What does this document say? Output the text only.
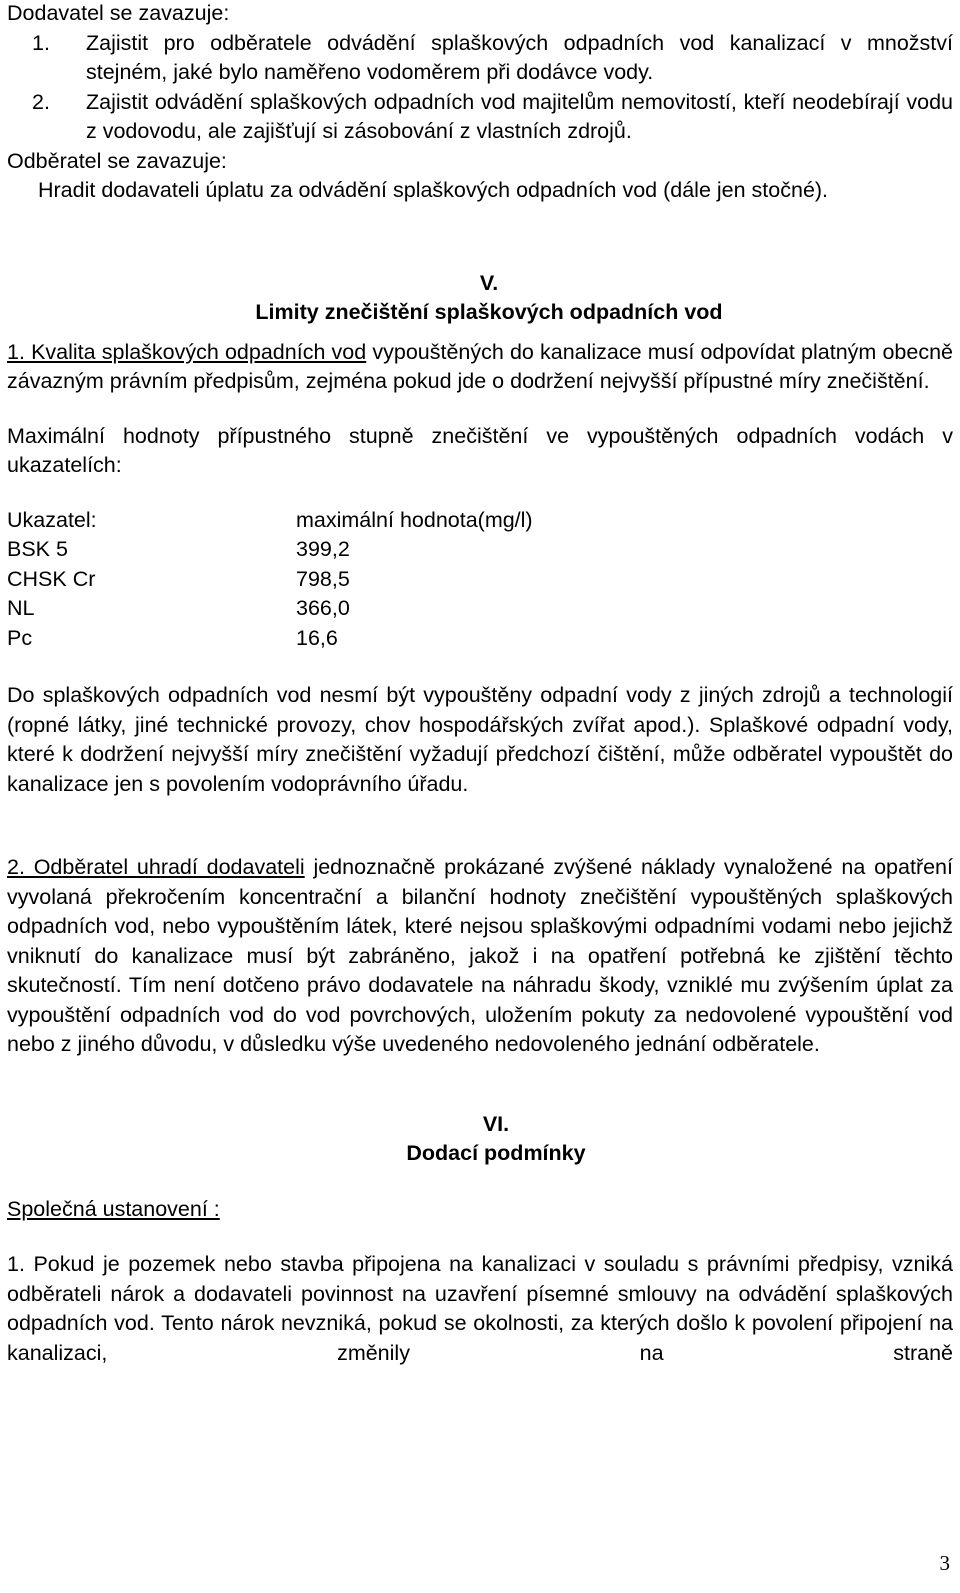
Dodavatel se zavazuje:

1.	Zajistit pro odběratele odvádění splaškových odpadních vod kanalizací v množství stejném, jaké bylo naměřeno vodoměrem při dodávce vody.
2.	Zajistit odvádění splaškových odpadních vod majitelům nemovitostí, kteří neodebírají vodu z vodovodu, ale zajišťují si zásobování z vlastních zdrojů.

Odběratel se zavazuje:

Hradit dodavateli úplatu za odvádění splaškových odpadních vod (dále jen stočné).

V.

Limity znečištění splaškových odpadních vod

1. Kvalita splaškových odpadních vod vypouštěných do kanalizace musí odpovídat platným obecně závazným právním předpisům, zejména pokud jde o dodržení nejvyšší přípustné míry znečištění.

Maximální hodnoty přípustného stupně znečištění ve vypouštěných odpadních vodách v ukazatelích:

Ukazatel:	maximální hodnota(mg/l)
BSK 5	399,2
CHSK Cr	798,5
NL	366,0
Pc	16,6

Do splaškových odpadních vod nesmí být vypouštěny odpadní vody z jiných zdrojů a technologií (ropné látky, jiné technické provozy, chov hospodářských zvířat apod.). Splaškové odpadní vody, které k dodržení nejvyšší míry znečištění vyžadují předchozí čištění, může odběratel vypouštět do kanalizace jen s povolením vodoprávního úřadu.

2. Odběratel uhradí dodavateli jednoznačně prokázané zvýšené náklady vynaložené na opatření vyvolaná překročením koncentrační a bilanční hodnoty znečištění vypouštěných splaškových odpadních vod, nebo vypouštěním látek, které nejsou splaškovými odpadními vodami nebo jejichž vniknutí do kanalizace musí být zabráněno, jakož i na opatření potřebná ke zjištění těchto skutečností. Tím není dotčeno právo dodavatele na náhradu škody, vzniklé mu zvýšením úplat za vypouštění odpadních vod do vod povrchových, uložením pokuty za nedovolené vypouštění vod nebo z jiného důvodu, v důsledku výše uvedeného nedovoleného jednání odběratele.

VI.

Dodací podmínky

Společná ustanovení :

1. Pokud je pozemek nebo stavba připojena na kanalizaci v souladu s právními předpisy, vzniká odběrateli nárok a dodavateli povinnost na uzavření písemné smlouvy na odvádění splaškových odpadních vod. Tento nárok nevzniká, pokud se okolnosti, za kterých došlo k povolení připojení na kanalizaci, změnily na straně

3
